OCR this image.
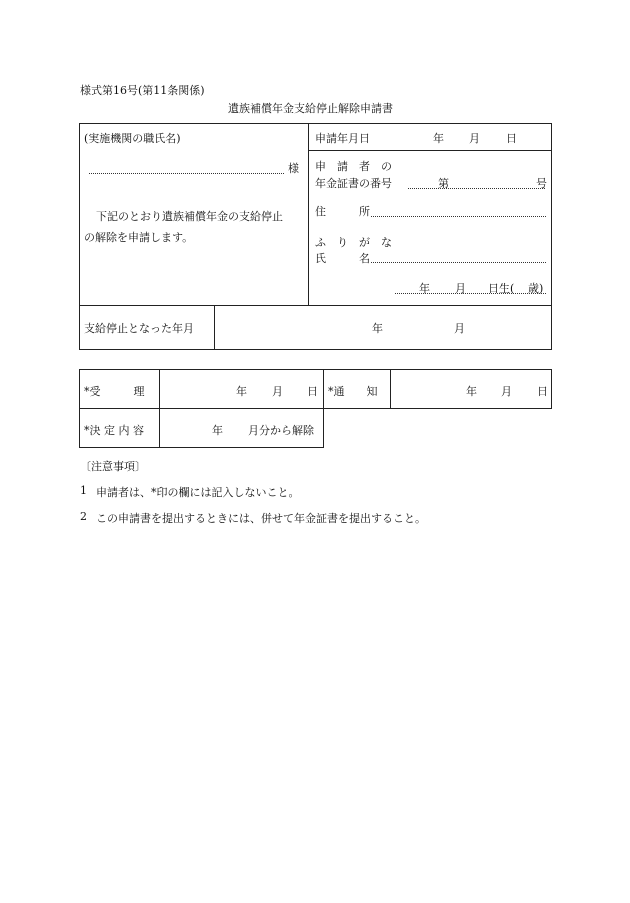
様式第16号(第11条関係)
遺族補償年金支給停止解除申請書
(実施機関の職氏名)
様
下記のとおり遺族補償年金の支給停止
の解除を申請します。
申請年月日	年 月 日
申　請　者　の
年金証書の番号	第	号
住　　　所
ふ　り　が　な
氏　　　名
年 月 日生( 歳)
支給停止となった年月	年	月
*受　　　理	年 月 日 *通　　知	年 月 日
*決 定 内 容	年 月分から解除
〔注意事項〕
1 申請者は、*印の欄には記入しないこと。
2 この申請書を提出するときには、併せて年金証書を提出すること。
